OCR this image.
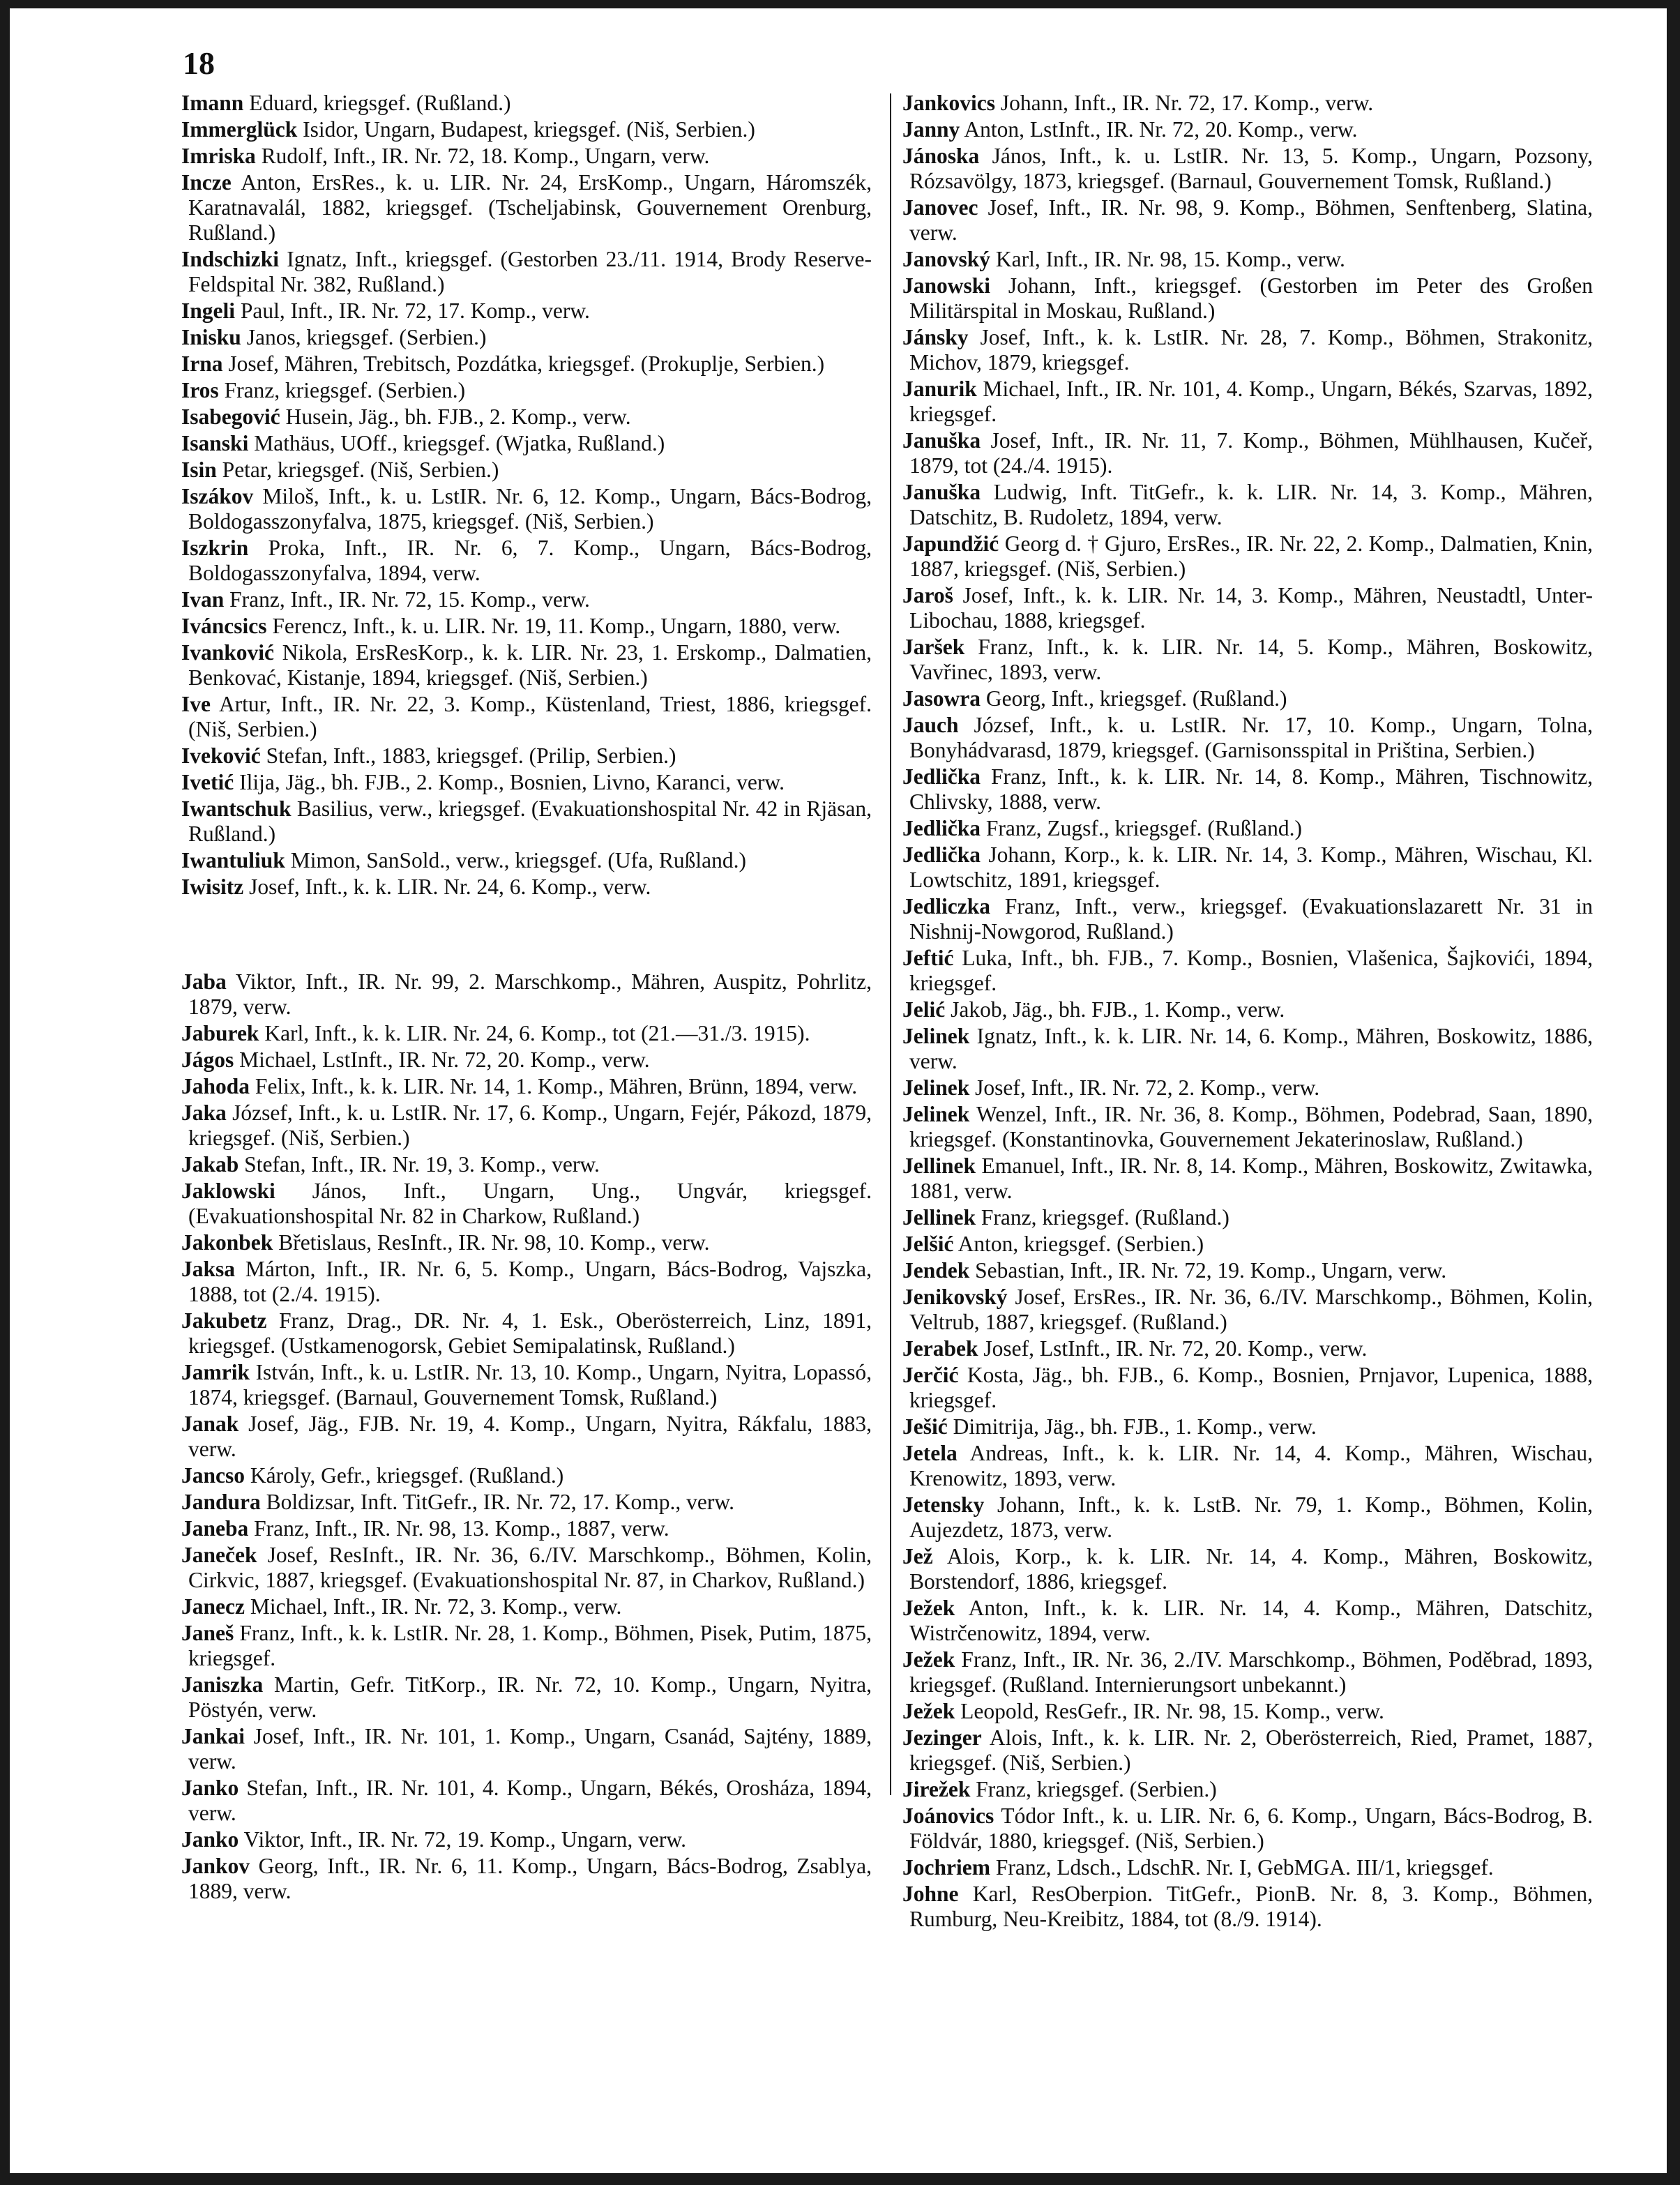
18

Imann Eduard, kriegsgef. (Rußland.)

Immerglück Isidor, Ungarn, Budapest, kriegsgef. (Niš, Serbien.)

Imriska Rudolf, Inft., IR. Nr. 72, 18. Komp., Ungarn, verw.

Incze Anton, ErsRes., k. u. LIR. Nr. 24, ErsKomp., Ungarn, Háromszék, Karatnavalál, 1882, kriegsgef. (Tscheljabinsk, Gouvernement Orenburg, Rußland.)

Indschizki Ignatz, Inft., kriegsgef. (Gestorben 23./11. 1914, Brody Reserve-Feldspital Nr. 382, Rußland.)

Ingeli Paul, Inft., IR. Nr. 72, 17. Komp., verw.

Inisku Janos, kriegsgef. (Serbien.)

Irna Josef, Mähren, Trebitsch, Pozdátka, kriegsgef. (Prokuplje, Serbien.)

Iros Franz, kriegsgef. (Serbien.)

Isabegović Husein, Jäg., bh. FJB., 2. Komp., verw.

Isanski Mathäus, UOff., kriegsgef. (Wjatka, Rußland.)

Isin Petar, kriegsgef. (Niš, Serbien.)

Iszákov Miloš, Inft., k. u. LstIR. Nr. 6, 12. Komp., Ungarn, Bács-Bodrog, Boldogasszonyfalva, 1875, kriegsgef. (Niš, Serbien.)

Iszkrin Proka, Inft., IR. Nr. 6, 7. Komp., Ungarn, Bács-Bodrog, Boldogasszonyfalva, 1894, verw.

Ivan Franz, Inft., IR. Nr. 72, 15. Komp., verw.

Iváncsics Ferencz, Inft., k. u. LIR. Nr. 19, 11. Komp., Ungarn, 1880, verw.

Ivanković Nikola, ErsResKorp., k. k. LIR. Nr. 23, 1. Erskomp., Dalmatien, Benkovać, Kistanje, 1894, kriegsgef. (Niš, Serbien.)

Ive Artur, Inft., IR. Nr. 22, 3. Komp., Küstenland, Triest, 1886, kriegsgef. (Niš, Serbien.)

Iveković Stefan, Inft., 1883, kriegsgef. (Prilip, Serbien.)

Ivetić Ilija, Jäg., bh. FJB., 2. Komp., Bosnien, Livno, Karanci, verw.

Iwantschuk Basilius, verw., kriegsgef. (Evakuationshospital Nr. 42 in Rjäsan, Rußland.)

Iwantuliuk Mimon, SanSold., verw., kriegsgef. (Ufa, Rußland.)

Iwisitz Josef, Inft., k. k. LIR. Nr. 24, 6. Komp., verw.

Jaba Viktor, Inft., IR. Nr. 99, 2. Marschkomp., Mähren, Auspitz, Pohrlitz, 1879, verw.

Jaburek Karl, Inft., k. k. LIR. Nr. 24, 6. Komp., tot (21.—31./3. 1915).

Jágos Michael, LstInft., IR. Nr. 72, 20. Komp., verw.

Jahoda Felix, Inft., k. k. LIR. Nr. 14, 1. Komp., Mähren, Brünn, 1894, verw.

Jaka József, Inft., k. u. LstIR. Nr. 17, 6. Komp., Ungarn, Fejér, Pákozd, 1879, kriegsgef. (Niš, Serbien.)

Jakab Stefan, Inft., IR. Nr. 19, 3. Komp., verw.

Jaklowski János, Inft., Ungarn, Ung., Ungvár, kriegsgef. (Evakuationshospital Nr. 82 in Charkow, Rußland.)

Jakonbek Břetislaus, ResInft., IR. Nr. 98, 10. Komp., verw.

Jaksa Márton, Inft., IR. Nr. 6, 5. Komp., Ungarn, Bács-Bodrog, Vajszka, 1888, tot (2./4. 1915).

Jakubetz Franz, Drag., DR. Nr. 4, 1. Esk., Oberösterreich, Linz, 1891, kriegsgef. (Ustkamenogorsk, Gebiet Semipalatinsk, Rußland.)

Jamrik István, Inft., k. u. LstIR. Nr. 13, 10. Komp., Ungarn, Nyitra, Lopassó, 1874, kriegsgef. (Barnaul, Gouvernement Tomsk, Rußland.)

Janak Josef, Jäg., FJB. Nr. 19, 4. Komp., Ungarn, Nyitra, Rákfalu, 1883, verw.

Jancso Károly, Gefr., kriegsgef. (Rußland.)

Jandura Boldizsar, Inft. TitGefr., IR. Nr. 72, 17. Komp., verw.

Janeba Franz, Inft., IR. Nr. 98, 13. Komp., 1887, verw.

Janeček Josef, ResInft., IR. Nr. 36, 6./IV. Marschkomp., Böhmen, Kolin, Cirkvic, 1887, kriegsgef. (Evakuationshospital Nr. 87, in Charkov, Rußland.)

Janecz Michael, Inft., IR. Nr. 72, 3. Komp., verw.

Janeš Franz, Inft., k. k. LstIR. Nr. 28, 1. Komp., Böhmen, Pisek, Putim, 1875, kriegsgef.

Janiszka Martin, Gefr. TitKorp., IR. Nr. 72, 10. Komp., Ungarn, Nyitra, Pöstyén, verw.

Jankai Josef, Inft., IR. Nr. 101, 1. Komp., Ungarn, Csanád, Sajtény, 1889, verw.

Janko Stefan, Inft., IR. Nr. 101, 4. Komp., Ungarn, Békés, Orosháza, 1894, verw.

Janko Viktor, Inft., IR. Nr. 72, 19. Komp., Ungarn, verw.

Jankov Georg, Inft., IR. Nr. 6, 11. Komp., Ungarn, Bács-Bodrog, Zsablya, 1889, verw.

Jankovics Johann, Inft., IR. Nr. 72, 17. Komp., verw.

Janny Anton, LstInft., IR. Nr. 72, 20. Komp., verw.

Jánoska János, Inft., k. u. LstIR. Nr. 13, 5. Komp., Ungarn, Pozsony, Rózsavölgy, 1873, kriegsgef. (Barnaul, Gouvernement Tomsk, Rußland.)

Janovec Josef, Inft., IR. Nr. 98, 9. Komp., Böhmen, Senftenberg, Slatina, verw.

Janovský Karl, Inft., IR. Nr. 98, 15. Komp., verw.

Janowski Johann, Inft., kriegsgef. (Gestorben im Peter des Großen Militärspital in Moskau, Rußland.)

Jánsky Josef, Inft., k. k. LstIR. Nr. 28, 7. Komp., Böhmen, Strakonitz, Michov, 1879, kriegsgef.

Janurik Michael, Inft., IR. Nr. 101, 4. Komp., Ungarn, Békés, Szarvas, 1892, kriegsgef.

Januška Josef, Inft., IR. Nr. 11, 7. Komp., Böhmen, Mühlhausen, Kučeř, 1879, tot (24./4. 1915).

Januška Ludwig, Inft. TitGefr., k. k. LIR. Nr. 14, 3. Komp., Mähren, Datschitz, B. Rudoletz, 1894, verw.

Japundžić Georg d. † Gjuro, ErsRes., IR. Nr. 22, 2. Komp., Dalmatien, Knin, 1887, kriegsgef. (Niš, Serbien.)

Jaroš Josef, Inft., k. k. LIR. Nr. 14, 3. Komp., Mähren, Neustadtl, Unter-Libochau, 1888, kriegsgef.

Jaršek Franz, Inft., k. k. LIR. Nr. 14, 5. Komp., Mähren, Boskowitz, Vavřinec, 1893, verw.

Jasowra Georg, Inft., kriegsgef. (Rußland.)

Jauch József, Inft., k. u. LstIR. Nr. 17, 10. Komp., Ungarn, Tolna, Bonyhádvarasd, 1879, kriegsgef. (Garnisonsspital in Priština, Serbien.)

Jedlička Franz, Inft., k. k. LIR. Nr. 14, 8. Komp., Mähren, Tischnowitz, Chlivsky, 1888, verw.

Jedlička Franz, Zugsf., kriegsgef. (Rußland.)

Jedlička Johann, Korp., k. k. LIR. Nr. 14, 3. Komp., Mähren, Wischau, Kl. Lowtschitz, 1891, kriegsgef.

Jedliczka Franz, Inft., verw., kriegsgef. (Evakuationslazarett Nr. 31 in Nishnij-Nowgorod, Rußland.)

Jeftić Luka, Inft., bh. FJB., 7. Komp., Bosnien, Vlašenica, Šajkovići, 1894, kriegsgef.

Jelić Jakob, Jäg., bh. FJB., 1. Komp., verw.

Jelinek Ignatz, Inft., k. k. LIR. Nr. 14, 6. Komp., Mähren, Boskowitz, 1886, verw.

Jelinek Josef, Inft., IR. Nr. 72, 2. Komp., verw.

Jelinek Wenzel, Inft., IR. Nr. 36, 8. Komp., Böhmen, Podebrad, Saan, 1890, kriegsgef. (Konstantinovka, Gouvernement Jekaterinoslaw, Rußland.)

Jellinek Emanuel, Inft., IR. Nr. 8, 14. Komp., Mähren, Boskowitz, Zwitawka, 1881, verw.

Jellinek Franz, kriegsgef. (Rußland.)

Jelšić Anton, kriegsgef. (Serbien.)

Jendek Sebastian, Inft., IR. Nr. 72, 19. Komp., Ungarn, verw.

Jenikovský Josef, ErsRes., IR. Nr. 36, 6./IV. Marschkomp., Böhmen, Kolin, Veltrub, 1887, kriegsgef. (Rußland.)

Jerabek Josef, LstInft., IR. Nr. 72, 20. Komp., verw.

Jerčić Kosta, Jäg., bh. FJB., 6. Komp., Bosnien, Prnjavor, Lupenica, 1888, kriegsgef.

Ješić Dimitrija, Jäg., bh. FJB., 1. Komp., verw.

Jetela Andreas, Inft., k. k. LIR. Nr. 14, 4. Komp., Mähren, Wischau, Krenowitz, 1893, verw.

Jetensky Johann, Inft., k. k. LstB. Nr. 79, 1. Komp., Böhmen, Kolin, Aujezdetz, 1873, verw.

Jež Alois, Korp., k. k. LIR. Nr. 14, 4. Komp., Mähren, Boskowitz, Borstendorf, 1886, kriegsgef.

Ježek Anton, Inft., k. k. LIR. Nr. 14, 4. Komp., Mähren, Datschitz, Wistrčenowitz, 1894, verw.

Ježek Franz, Inft., IR. Nr. 36, 2./IV. Marschkomp., Böhmen, Poděbrad, 1893, kriegsgef. (Rußland. Internierungsort unbekannt.)

Ježek Leopold, ResGefr., IR. Nr. 98, 15. Komp., verw.

Jezinger Alois, Inft., k. k. LIR. Nr. 2, Oberösterreich, Ried, Pramet, 1887, kriegsgef. (Niš, Serbien.)

Jirežek Franz, kriegsgef. (Serbien.)

Joánovics Tódor Inft., k. u. LIR. Nr. 6, 6. Komp., Ungarn, Bács-Bodrog, B. Földvár, 1880, kriegsgef. (Niš, Serbien.)

Jochriem Franz, Ldsch., LdschR. Nr. I, GebMGA. III/1, kriegsgef.

Johne Karl, ResOberpion. TitGefr., PionB. Nr. 8, 3. Komp., Böhmen, Rumburg, Neu-Kreibitz, 1884, tot (8./9. 1914).
